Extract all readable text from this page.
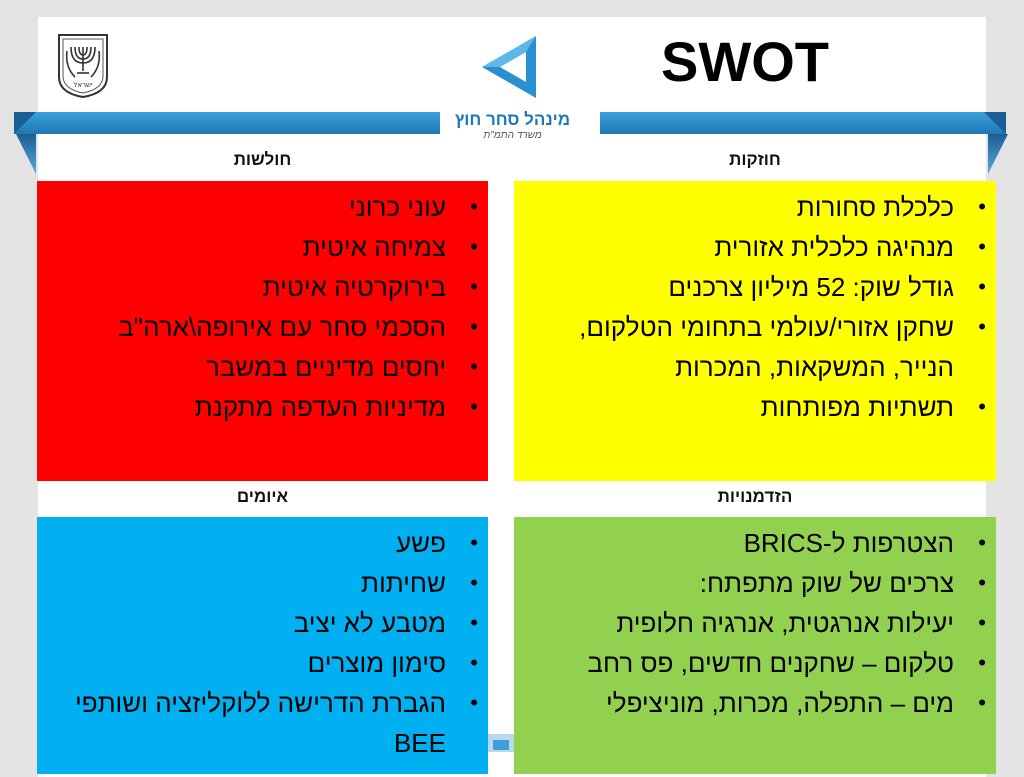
ישראל
מינהל סחר חוץ
משרד התמ"ת
SWOT
חוזקות
חולשות
הזדמנויות
איומים
•
כלכלת סחורות
•
מנהיגה כלכלית אזורית
•
גודל שוק: 52 מיליון צרכנים
•
שחקן אזורי/עולמי בתחומי הטלקום, הנייר, המשקאות, המכרות
•
תשתיות מפותחות
•
עוני כרוני
•
צמיחה איטית
•
בירוקרטיה איטית
•
הסכמי סחר עם אירופה\ארה"ב
•
יחסים מדיניים במשבר
•
מדיניות העדפה מתקנת
•
הצטרפות ל-BRICS
•
צרכים של שוק מתפתח:
•
יעילות אנרגטית, אנרגיה חלופית
•
טלקום – שחקנים חדשים, פס רחב
•
מים – התפלה, מכרות, מוניציפלי
•
פשע
•
שחיתות
•
מטבע לא יציב
•
סימון מוצרים
•
הגברת הדרישה ללוקליזציה ושותפי BEE
